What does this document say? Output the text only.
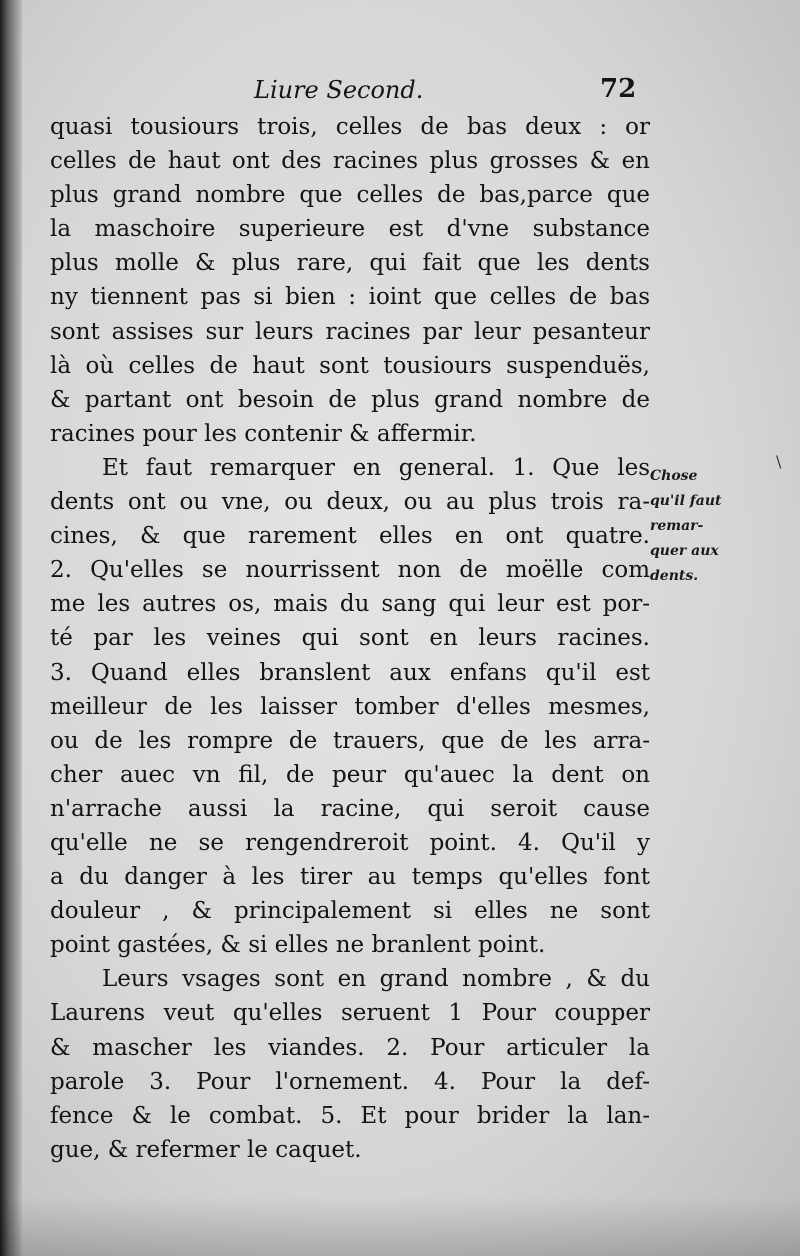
Liure Second.	72
quasi tousiours trois, celles de bas deux : or
celles de haut ont des racines plus grosses & en
plus grand nombre que celles de bas,parce que
la maschoire superieure est d'vne substance
plus molle & plus rare, qui fait que les dents
ny tiennent pas si bien : ioint que celles de bas
sont assises sur leurs racines par leur pesanteur
là où celles de haut sont tousiours suspenduës,
& partant ont besoin de plus grand nombre de
racines pour les contenir & affermir.
Et faut remarquer en general. 1. Que les
dents ont ou vne, ou deux, ou au plus trois ra-
cines, & que rarement elles en ont quatre.
2. Qu'elles se nourrissent non de moëlle com
me les autres os, mais du sang qui leur est por-
té par les veines qui sont en leurs racines.
3. Quand elles branslent aux enfans qu'il est
meilleur de les laisser tomber d'elles mesmes,
ou de les rompre de trauers, que de les arra-
cher auec vn fil, de peur qu'auec la dent on
n'arrache aussi la racine, qui seroit cause
qu'elle ne se rengendreroit point. 4. Qu'il y
a du danger à les tirer au temps qu'elles font
douleur , & principalement si elles ne sont
point gastées, & si elles ne branlent point.
Leurs vsages sont en grand nombre , & du
Laurens veut qu'elles seruent 1 Pour coupper
& mascher les viandes. 2. Pour articuler la
parole 3. Pour l'ornement. 4. Pour la def-
fence & le combat. 5. Et pour brider la lan-
gue, & refermer le caquet.
Chose
qu'il faut
remar-
quer aux
dents.
\
